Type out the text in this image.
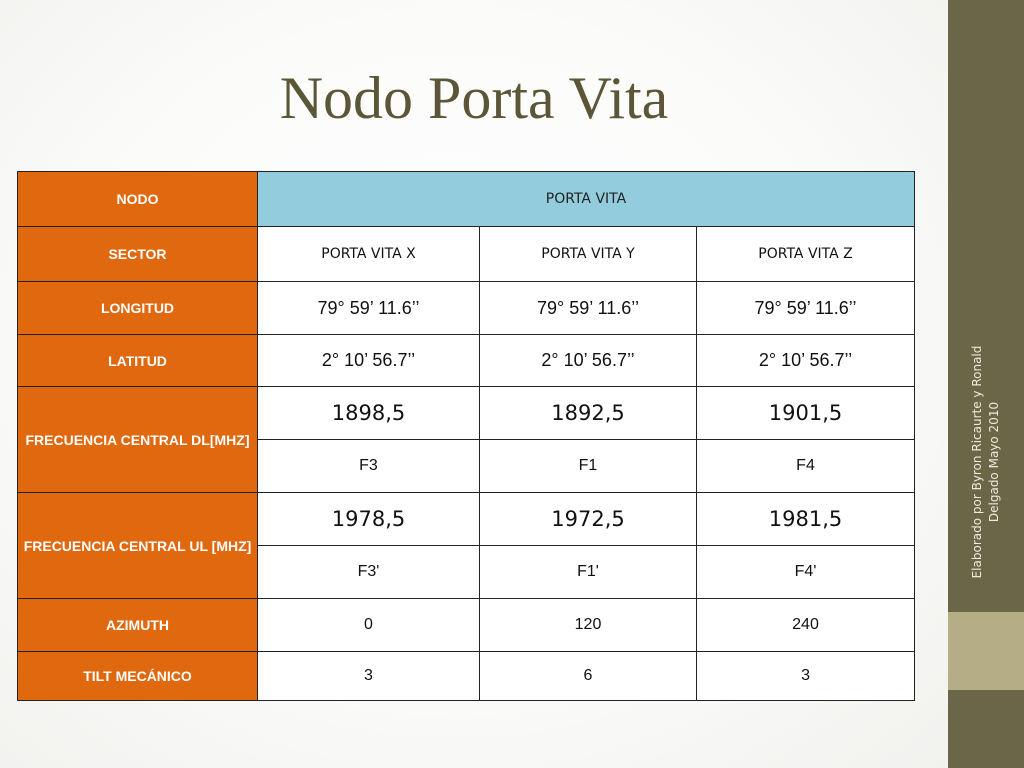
Elaborado por Byron Ricaurte y Ronald Delgado Mayo 2010
Nodo Porta Vita
NODO	PORTA VITA		
SECTOR	PORTA VITA X	PORTA VITA Y	PORTA VITA Z
LONGITUD	79° 59’ 11.6’’	79° 59’ 11.6’’	79° 59’ 11.6’’
LATITUD	2° 10’ 56.7’’	2° 10’ 56.7’’	2° 10’ 56.7’’
FRECUENCIA CENTRAL DL[MHZ]	1898,5	1892,5	1901,5
	F3	F1	F4
FRECUENCIA CENTRAL UL [MHZ]	1978,5	1972,5	1981,5
	F3'	F1'	F4'
AZIMUTH	0	120	240
TILT MECÁNICO	3	6	3
